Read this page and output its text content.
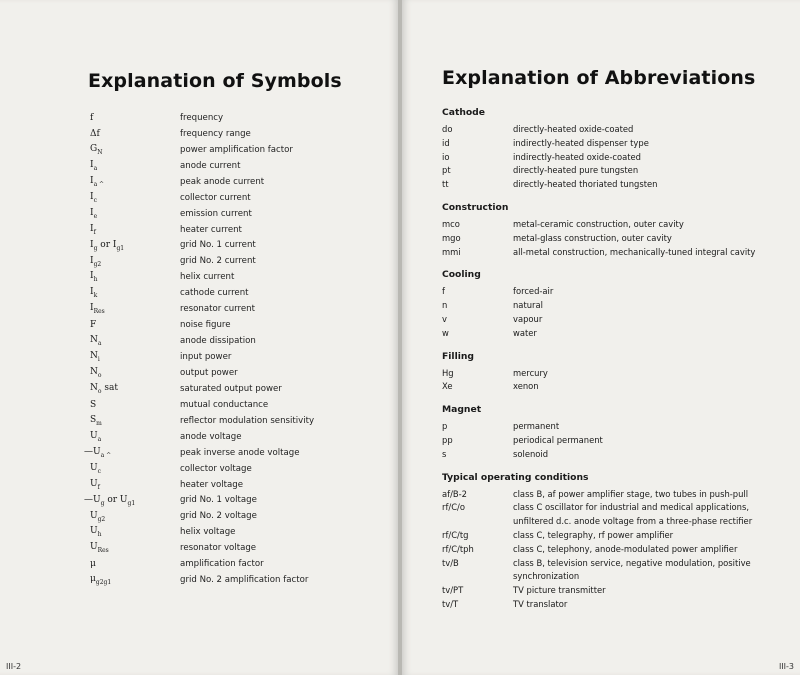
Explanation of Symbols
f	frequency
Δf	frequency range
$G_N$	power amplification factor
$I_a$	anode current
$I_{a \^{}}$	peak anode current
$I_c$	collector current
$I_e$	emission current
$I_f$	heater current
$I_g$ or $I_{g1}$	grid No. 1 current
$I_{g2}$	grid No. 2 current
$I_h$	helix current
$I_k$	cathode current
$I_{Res}$	resonator current
F	noise figure
$N_a$	anode dissipation
$N_i$	input power
$N_o$	output power
$N_o$ sat	saturated output power
S	mutual conductance
$S_m$	reflector modulation sensitivity
$U_a$	anode voltage
$—U_{a \^{}}$	peak inverse anode voltage
$U_c$	collector voltage
$U_f$	heater voltage
$—U_g$ or $U_{g1}$	grid No. 1 voltage
$U_{g2}$	grid No. 2 voltage
$U_h$	helix voltage
$U_{Res}$	resonator voltage
μ	amplification factor
$\mu_{g2g1}$	grid No. 2 amplification factor
III-2
Explanation of Abbreviations
Cathode
do	directly-heated oxide-coated
id	indirectly-heated dispenser type
io	indirectly-heated oxide-coated
pt	directly-heated pure tungsten
tt	directly-heated thoriated tungsten
Construction
mco	metal-ceramic construction, outer cavity
mgo	metal-glass construction, outer cavity
mmi	all-metal construction, mechanically-tuned integral cavity
Cooling
f	forced-air
n	natural
v	vapour
w	water
Filling
Hg	mercury
Xe	xenon
Magnet
p	permanent
pp	periodical permanent
s	solenoid
Typical operating conditions
af/B-2	class B, af power amplifier stage, two tubes in push-pull
rf/C/o	class C oscillator for industrial and medical applications, unfiltered d.c. anode voltage from a three-phase rectifier
rf/C/tg	class C, telegraphy, rf power amplifier
rf/C/tph	class C, telephony, anode-modulated power amplifier
tv/B	class B, television service, negative modulation, positive synchronization
tv/PT	TV picture transmitter
tv/T	TV translator
III-3
